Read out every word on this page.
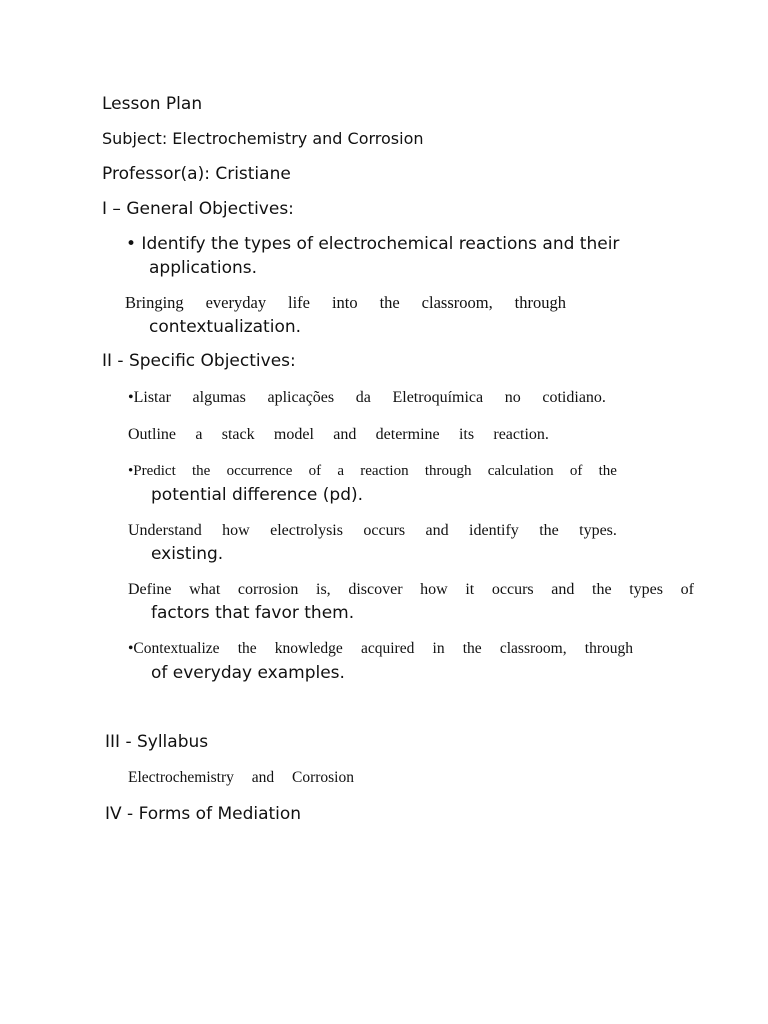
Lesson Plan
Subject: Electrochemistry and Corrosion
Professor(a): Cristiane
I – General Objectives:
• Identify the types of electrochemical reactions and their
applications.
Bringing everyday life into the classroom, through
contextualization.
II - Specific Objectives:
•Listar algumas aplicações da Eletroquímica no cotidiano.
Outline a stack model and determine its reaction.
•Predict the occurrence of a reaction through calculation of the
potential difference (pd).
Understand how electrolysis occurs and identify the types.
existing.
Define what corrosion is, discover how it occurs and the types of
factors that favor them.
•Contextualize the knowledge acquired in the classroom, through
of everyday examples.
III - Syllabus
Electrochemistry and Corrosion
IV - Forms of Mediation
